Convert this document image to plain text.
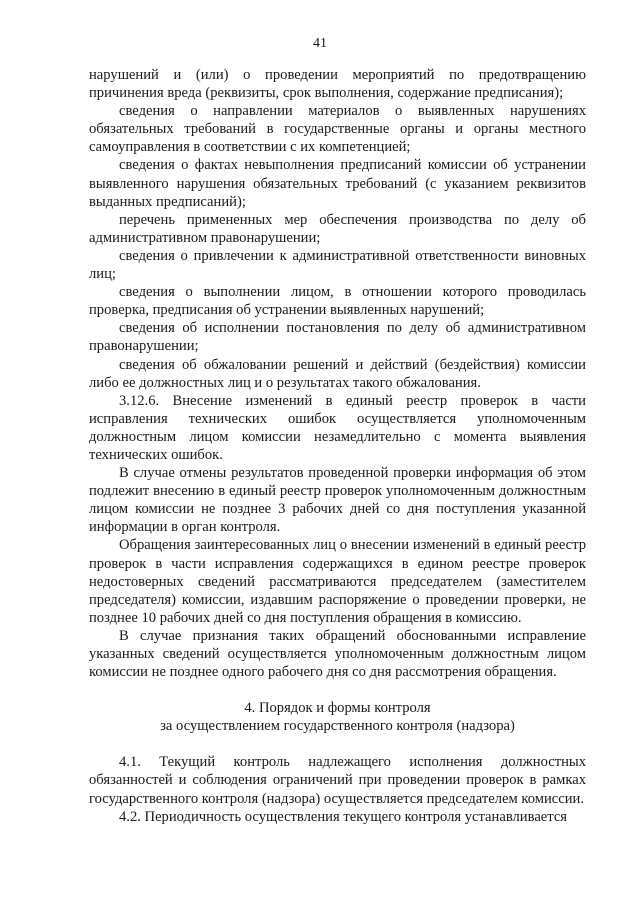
41

нарушений и (или) о проведении мероприятий по предотвращению причинения вреда (реквизиты, срок выполнения, содержание предписания);

сведения о направлении материалов о выявленных нарушениях обязательных требований в государственные органы и органы местного самоуправления в соответствии с их компетенцией;

сведения о фактах невыполнения предписаний комиссии об устранении выявленного нарушения обязательных требований (с указанием реквизитов выданных предписаний);

перечень примененных мер обеспечения производства по делу об административном правонарушении;

сведения о привлечении к административной ответственности виновных лиц;

сведения о выполнении лицом, в отношении которого проводилась проверка, предписания об устранении выявленных нарушений;

сведения об исполнении постановления по делу об административном правонарушении;

сведения об обжаловании решений и действий (бездействия) комиссии либо ее должностных лиц и о результатах такого обжалования.

3.12.6. Внесение изменений в единый реестр проверок в части исправления технических ошибок осуществляется уполномоченным должностным лицом комиссии незамедлительно с момента выявления технических ошибок.

В случае отмены результатов проведенной проверки информация об этом подлежит внесению в единый реестр проверок уполномоченным должностным лицом комиссии не позднее 3 рабочих дней со дня поступления указанной информации в орган контроля.

Обращения заинтересованных лиц о внесении изменений в единый реестр проверок в части исправления содержащихся в едином реестре проверок недостоверных сведений рассматриваются председателем (заместителем председателя) комиссии, издавшим распоряжение о проведении проверки, не позднее 10 рабочих дней со дня поступления обращения в комиссию.

В случае признания таких обращений обоснованными исправление указанных сведений осуществляется уполномоченным должностным лицом комиссии не позднее одного рабочего дня со дня рассмотрения обращения.

4. Порядок и формы контроля
за осуществлением государственного контроля (надзора)

4.1. Текущий контроль надлежащего исполнения должностных обязанностей и соблюдения ограничений при проведении проверок в рамках государственного контроля (надзора) осуществляется председателем комиссии.

4.2. Периодичность осуществления текущего контроля устанавливается
